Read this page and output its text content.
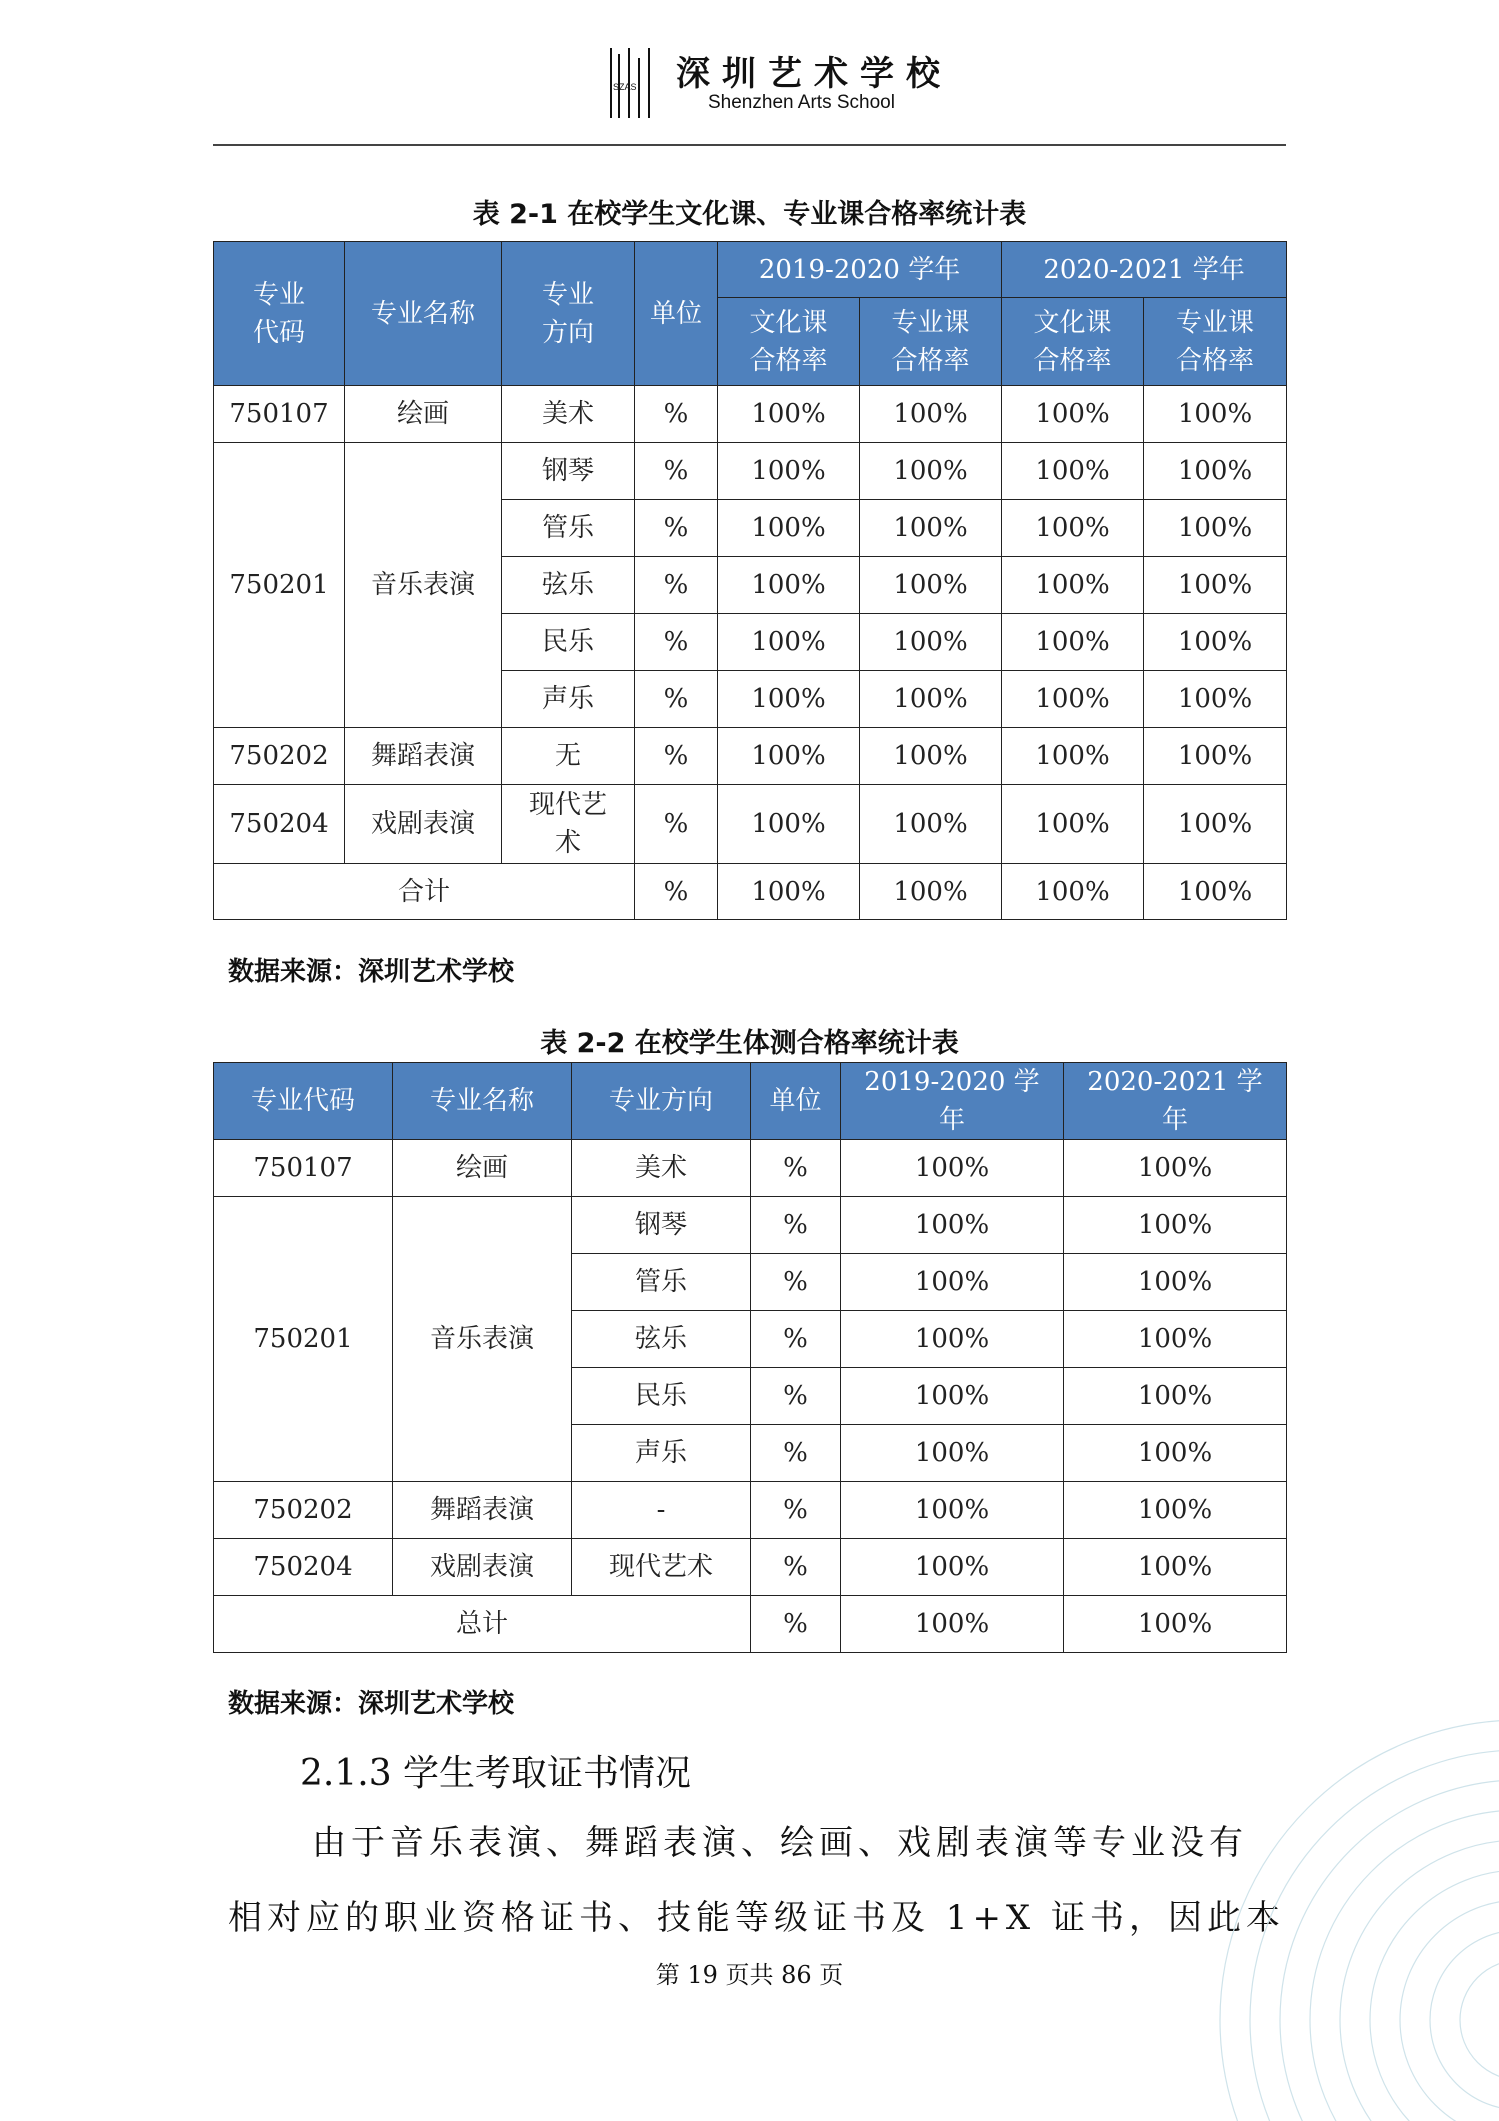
SZAS 深圳艺术学校
Shenzhen Arts School
表 2-1 在校学生文化课、专业课合格率统计表
专业代码	专业名称	专业方向	单位	2019-2020 学年		2020-2021 学年	
				文化课合格率	专业课合格率	文化课合格率	专业课合格率
750107	绘画	美术	%	100%	100%	100%	100%
750201	音乐表演	钢琴	%	100%	100%	100%	100%
		管乐	%	100%	100%	100%	100%
		弦乐	%	100%	100%	100%	100%
		民乐	%	100%	100%	100%	100%
		声乐	%	100%	100%	100%	100%
750202	舞蹈表演	无	%	100%	100%	100%	100%
750204	戏剧表演	现代艺术	%	100%	100%	100%	100%
合计			%	100%	100%	100%	100%
数据来源：深圳艺术学校
表 2-2 在校学生体测合格率统计表
专业代码	专业名称	专业方向	单位	2019-2020 学年	2020-2021 学年
750107	绘画	美术	%	100%	100%
750201	音乐表演	钢琴	%	100%	100%
		管乐	%	100%	100%
		弦乐	%	100%	100%
		民乐	%	100%	100%
		声乐	%	100%	100%
750202	舞蹈表演	-	%	100%	100%
750204	戏剧表演	现代艺术	%	100%	100%
总计			%	100%	100%
数据来源：深圳艺术学校
2.1.3 学生考取证书情况
由于音乐表演、舞蹈表演、绘画、戏剧表演等专业没有
相对应的职业资格证书、技能等级证书及 1+X 证书，因此本
第 19 页共 86 页
